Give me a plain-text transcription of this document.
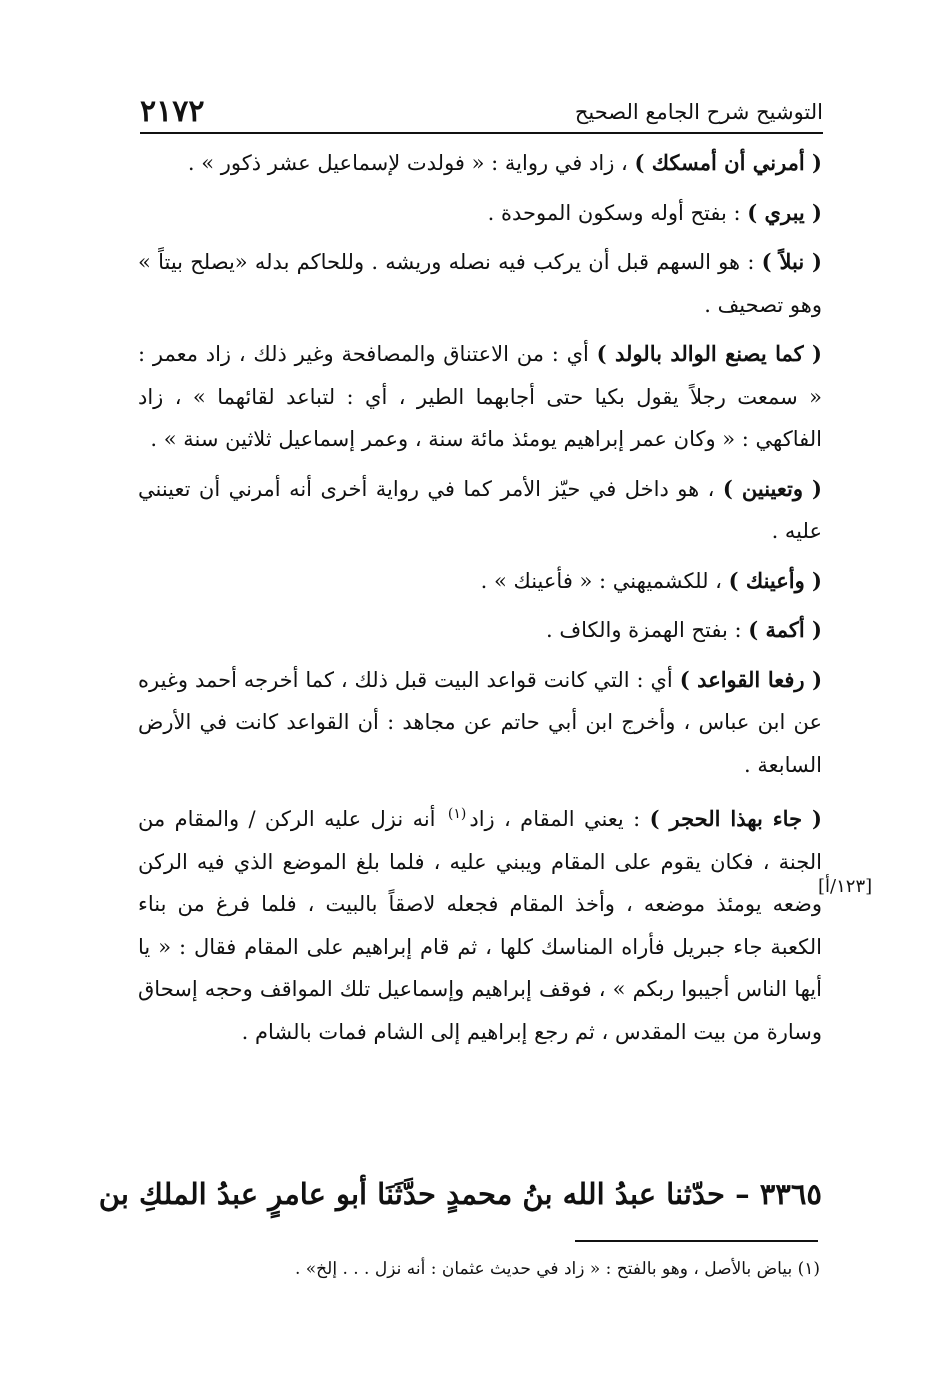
٢١٧٢	التوشيح شرح الجامع الصحيح

( أمرني أن أمسكك ) ، زاد في رواية : « فولدت لإسماعيل عشر ذكور » .

( يبري ) : بفتح أوله وسكون الموحدة .

( نبلاً ) : هو السهم قبل أن يركب فيه نصله وريشه . وللحاكم بدله «يصلح بيتاً » وهو تصحيف .

( كما يصنع الوالد بالولد ) أي : من الاعتناق والمصافحة وغير ذلك ، زاد معمر : « سمعت رجلاً يقول بكيا حتى أجابهما الطير ، أي : لتباعد لقائهما » ، زاد الفاكهي : « وكان عمر إبراهيم يومئذ مائة سنة ، وعمر إسماعيل ثلاثين سنة » .

( وتعينين ) ، هو داخل في حيّز الأمر كما في رواية أخرى أنه أمرني أن تعينني عليه .

( وأعينك ) ، للكشميهني : « فأعينك » .

( أكمة ) : بفتح الهمزة والكاف .

( رفعا القواعد ) أي : التي كانت قواعد البيت قبل ذلك ، كما أخرجه أحمد وغيره عن ابن عباس ، وأخرج ابن أبي حاتم عن مجاهد : أن القواعد كانت في الأرض السابعة .

( جاء بهذا الحجر ) : يعني المقام ، زاد$^{(١)}$ أنه نزل عليه الركن / والمقام من الجنة ، فكان يقوم على المقام ويبني عليه ، فلما بلغ الموضع الذي فيه الركن وضعه يومئذ موضعه ، وأخذ المقام فجعله لاصقاً بالبيت ، فلما فرغ من بناء الكعبة جاء جبريل فأراه المناسك كلها ، ثم قام إبراهيم على المقام فقال : « يا أيها الناس أجيبوا ربكم » ، فوقف إبراهيم وإسماعيل تلك المواقف وحجه إسحاق وسارة من بيت المقدس ، ثم رجع إبراهيم إلى الشام فمات بالشام .

[١٢٣/أ]
٣٣٦٥ – حدّثنا عبدُ الله بنُ محمدٍ حدَّثَنَا أبو عامرٍ عبدُ الملكِ بن
(١) بياض بالأصل ، وهو بالفتح : « زاد في حديث عثمان : أنه نزل . . . إلخ» .
